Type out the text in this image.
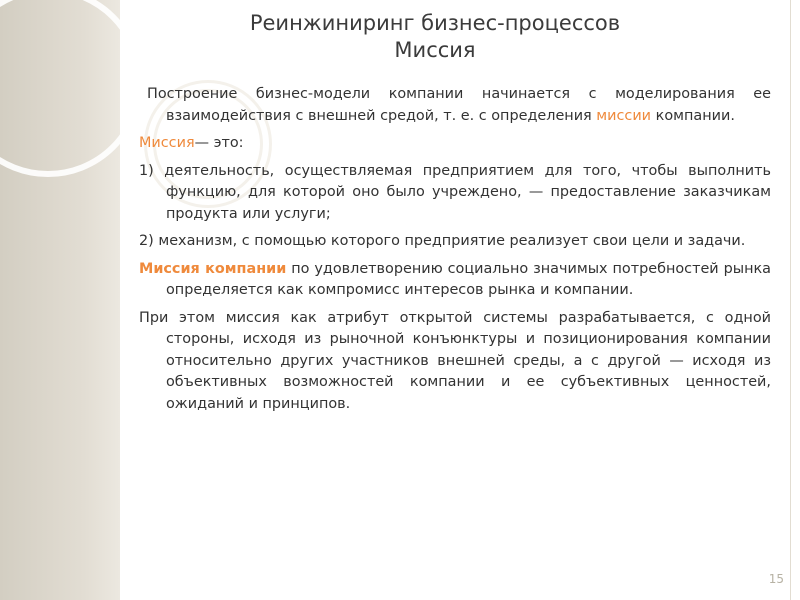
Реинжиниринг бизнес-процессов
Миссия

Построение бизнес-модели компании начинается с моделирования ее взаимодействия с внешней средой, т. е. с определения миссии компании.

Миссия— это:

1) деятельность, осуществляемая предприятием для того, чтобы выполнить функцию, для которой оно было учреждено, — предоставление заказчикам продукта или услуги;

2) механизм, с помощью которого предприятие реализует свои цели и задачи.

Миссия компании по удовлетворению социально значимых потребностей рынка определяется как компромисс интересов рынка и компании.

При этом миссия как атрибут открытой системы разрабатывается, с одной стороны, исходя из рыночной конъюнктуры и позиционирования компании относительно других участников внешней среды, а с другой — исходя из объективных возможностей компании и ее субъективных ценностей, ожиданий и принципов.

15
